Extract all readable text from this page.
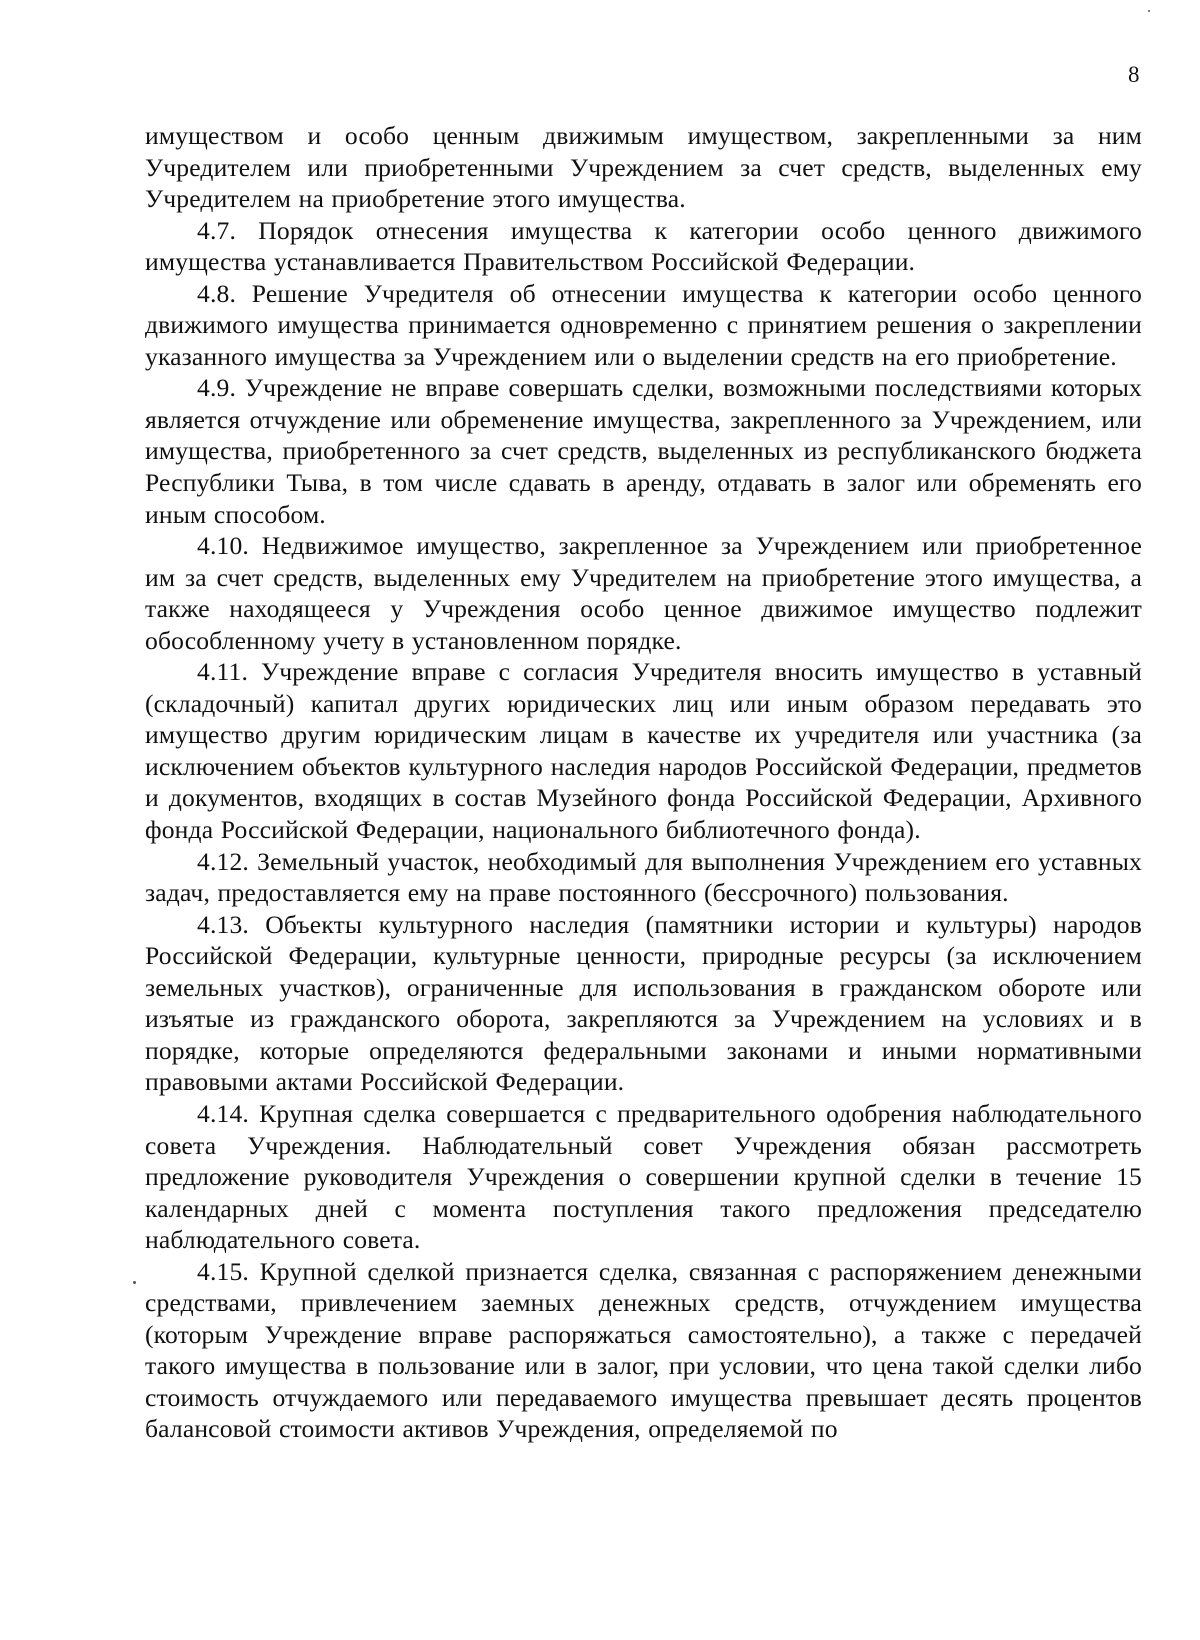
8

имуществом и особо ценным движимым имуществом, закрепленными за ним Учредителем или приобретенными Учреждением за счет средств, выделенных ему Учредителем на приобретение этого имущества.

4.7. Порядок отнесения имущества к категории особо ценного движимого имущества устанавливается Правительством Российской Федерации.

4.8. Решение Учредителя об отнесении имущества к категории особо ценного движимого имущества принимается одновременно с принятием решения о закреплении указанного имущества за Учреждением или о выделении средств на его приобретение.

4.9. Учреждение не вправе совершать сделки, возможными последствиями которых является отчуждение или обременение имущества, закрепленного за Учреждением, или имущества, приобретенного за счет средств, выделенных из республиканского бюджета Республики Тыва, в том числе сдавать в аренду, отдавать в залог или обременять его иным способом.

4.10. Недвижимое имущество, закрепленное за Учреждением или приобретенное им за счет средств, выделенных ему Учредителем на приобретение этого имущества, а также находящееся у Учреждения особо ценное движимое имущество подлежит обособленному учету в установленном порядке.

4.11. Учреждение вправе с согласия Учредителя вносить имущество в уставный (складочный) капитал других юридических лиц или иным образом передавать это имущество другим юридическим лицам в качестве их учредителя или участника (за исключением объектов культурного наследия народов Российской Федерации, предметов и документов, входящих в состав Музейного фонда Российской Федерации, Архивного фонда Российской Федерации, национального библиотечного фонда).

4.12. Земельный участок, необходимый для выполнения Учреждением его уставных задач, предоставляется ему на праве постоянного (бессрочного) пользования.

4.13. Объекты культурного наследия (памятники истории и культуры) народов Российской Федерации, культурные ценности, природные ресурсы (за исключением земельных участков), ограниченные для использования в гражданском обороте или изъятые из гражданского оборота, закрепляются за Учреждением на условиях и в порядке, которые определяются федеральными законами и иными нормативными правовыми актами Российской Федерации.

4.14. Крупная сделка совершается с предварительного одобрения наблюдательного совета Учреждения. Наблюдательный совет Учреждения обязан рассмотреть предложение руководителя Учреждения о совершении крупной сделки в течение 15 календарных дней с момента поступления такого предложения председателю наблюдательного совета.

4.15. Крупной сделкой признается сделка, связанная с распоряжением денежными средствами, привлечением заемных денежных средств, отчуждением имущества (которым Учреждение вправе распоряжаться самостоятельно), а также с передачей такого имущества в пользование или в залог, при условии, что цена такой сделки либо стоимость отчуждаемого или передаваемого имущества превышает десять процентов балансовой стоимости активов Учреждения, определяемой по
